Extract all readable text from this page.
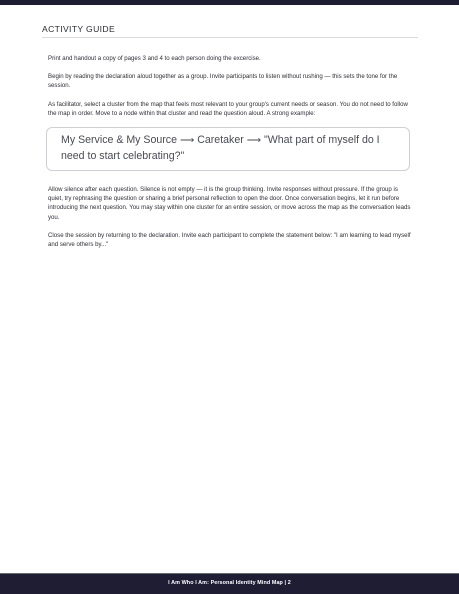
ACTIVITY GUIDE

Print and handout a copy of pages 3 and 4 to each person doing the excercise.

Begin by reading the declaration aloud together as a group. Invite participants to listen without rushing — this sets the tone for the session.

As facilitator, select a cluster from the map that feels most relevant to your group's current needs or season. You do not need to follow the map in order. Move to a node within that cluster and read the question aloud. A strong example:

My Service & My Source ⟶ Caretaker ⟶ "What part of myself do I need to start celebrating?"

Allow silence after each question. Silence is not empty — it is the group thinking. Invite responses without pressure. If the group is quiet, try rephrasing the question or sharing a brief personal reflection to open the door. Once conversation begins, let it run before introducing the next question. You may stay within one cluster for an entire session, or move across the map as the conversation leads you.

Close the session by returning to the declaration. Invite each participant to complete the statement below: "I am learning to lead myself and serve others by..."

I Am Who I Am: Personal Identity Mind Map | 2
